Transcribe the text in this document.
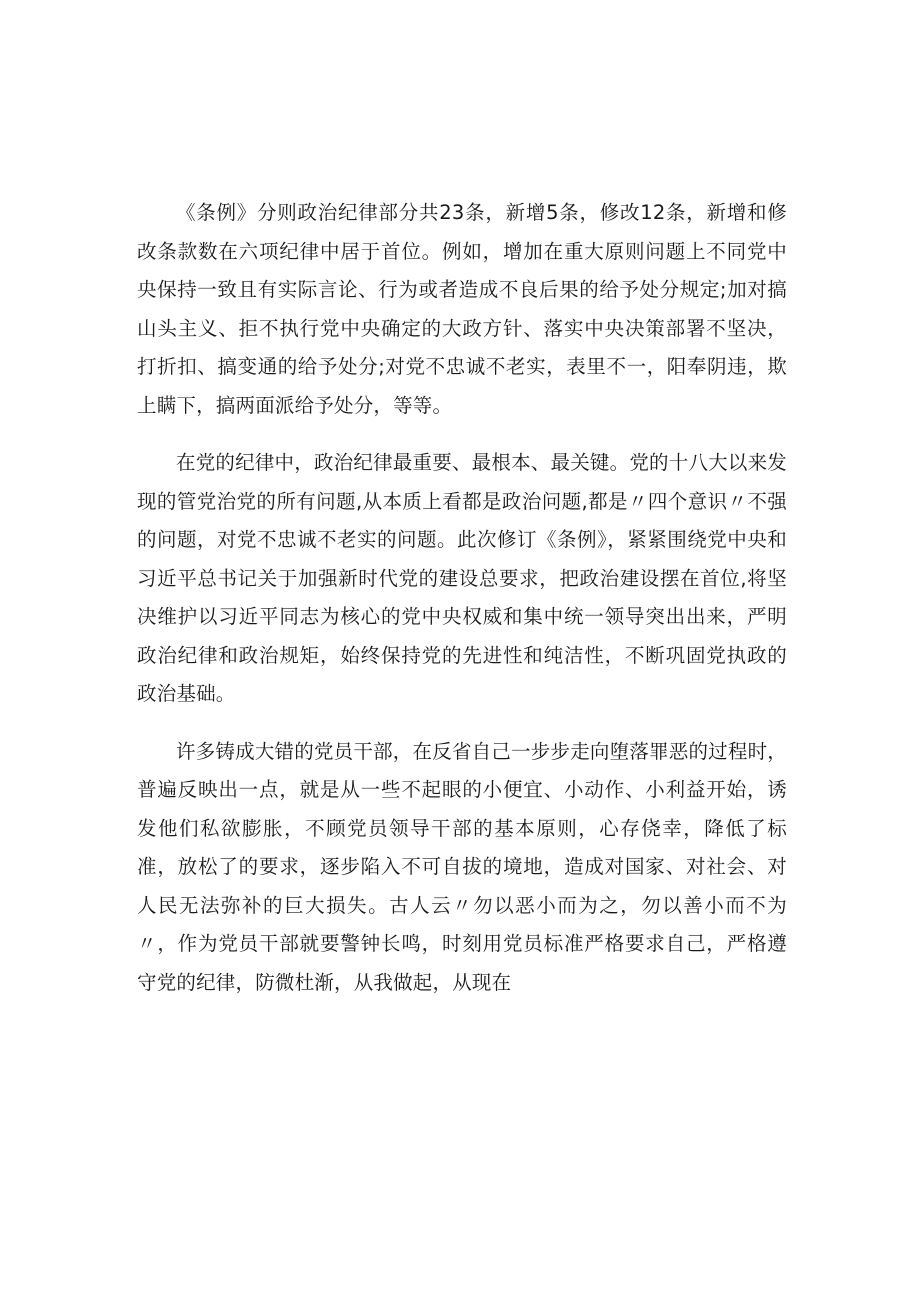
《条例》分则政治纪律部分共23条，新增5条，修改12条，新增和修改条款数在六项纪律中居于首位。例如，增加在重大原则问题上不同党中央保持一致且有实际言论、行为或者造成不良后果的给予处分规定;加对搞山头主义、拒不执行党中央确定的大政方针、落实中央决策部署不坚决，打折扣、搞变通的给予处分;对党不忠诚不老实，表里不一，阳奉阴违，欺上瞒下，搞两面派给予处分，等等。

在党的纪律中，政治纪律最重要、最根本、最关键。党的十八大以来发现的管党治党的所有问题,从本质上看都是政治问题,都是〃四个意识〃不强的问题，对党不忠诚不老实的问题。此次修订《条例》，紧紧围绕党中央和习近平总书记关于加强新时代党的建设总要求，把政治建设摆在首位,将坚决维护以习近平同志为核心的党中央权威和集中统一领导突出出来，严明政治纪律和政治规矩，始终保持党的先进性和纯洁性，不断巩固党执政的政治基础。

许多铸成大错的党员干部，在反省自己一步步走向堕落罪恶的过程时，普遍反映出一点，就是从一些不起眼的小便宜、小动作、小利益开始，诱发他们私欲膨胀，不顾党员领导干部的基本原则，心存侥幸，降低了标准，放松了的要求，逐步陷入不可自拔的境地，造成对国家、对社会、对人民无法弥补的巨大损失。古人云〃勿以恶小而为之，勿以善小而不为〃，作为党员干部就要警钟长鸣，时刻用党员标准严格要求自己，严格遵守党的纪律，防微杜渐，从我做起，从现在
